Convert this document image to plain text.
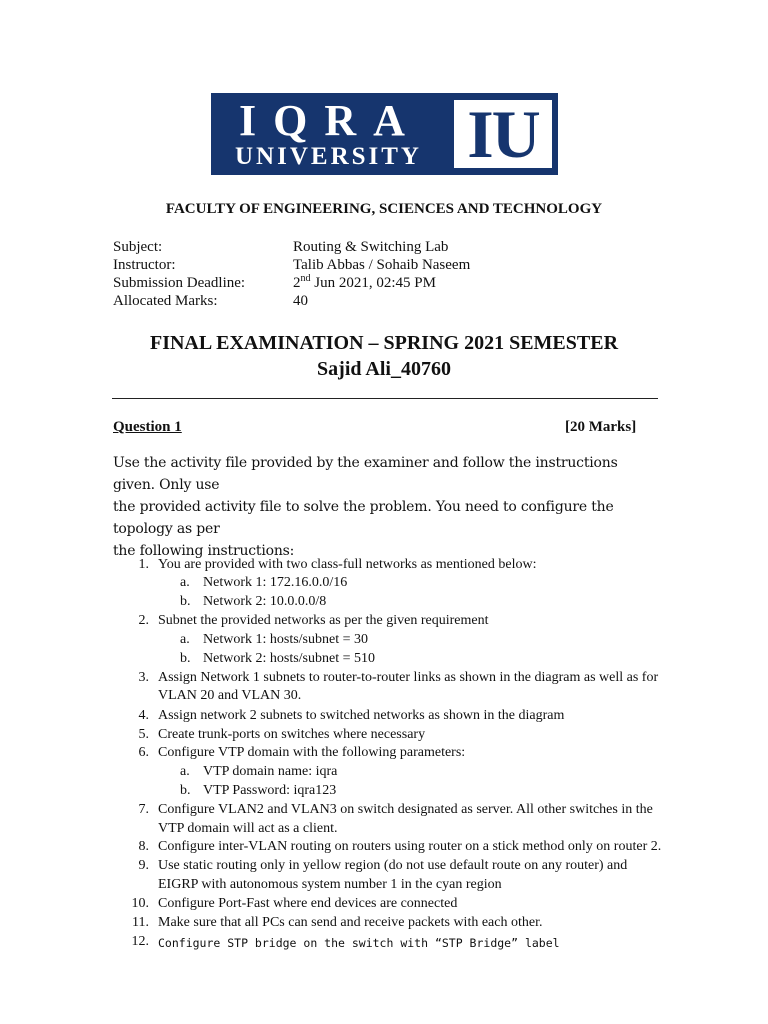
IQRA
UNIVERSITY IU
FACULTY OF ENGINEERING, SCIENCES AND TECHNOLOGY
Subject:	Routing & Switching Lab
Instructor:	Talib Abbas / Sohaib Naseem
Submission Deadline:	2nd Jun 2021, 02:45 PM
Allocated Marks:	40
FINAL EXAMINATION – SPRING 2021 SEMESTER
Sajid Ali_40760
Question 1	[20 Marks]
Use the activity file provided by the examiner and follow the instructions given. Only use
the provided activity file to solve the problem. You need to configure the topology as per
the following instructions:
1. You are provided with two class-full networks as mentioned below:
a. Network 1: 172.16.0.0/16
b. Network 2: 10.0.0.0/8
2. Subnet the provided networks as per the given requirement
a. Network 1: hosts/subnet = 30
b. Network 2: hosts/subnet = 510
3. Assign Network 1 subnets to router-to-router links as shown in the diagram as well as for
VLAN 20 and VLAN 30.
4. Assign network 2 subnets to switched networks as shown in the diagram
5. Create trunk-ports on switches where necessary
6. Configure VTP domain with the following parameters:
a. VTP domain name: iqra
b. VTP Password: iqra123
7. Configure VLAN2 and VLAN3 on switch designated as server. All other switches in the
VTP domain will act as a client.
8. Configure inter-VLAN routing on routers using router on a stick method only on router 2.
9. Use static routing only in yellow region (do not use default route on any router) and
EIGRP with autonomous system number 1 in the cyan region
10. Configure Port-Fast where end devices are connected
11. Make sure that all PCs can send and receive packets with each other.
12. Configure STP bridge on the switch with “STP Bridge” label
